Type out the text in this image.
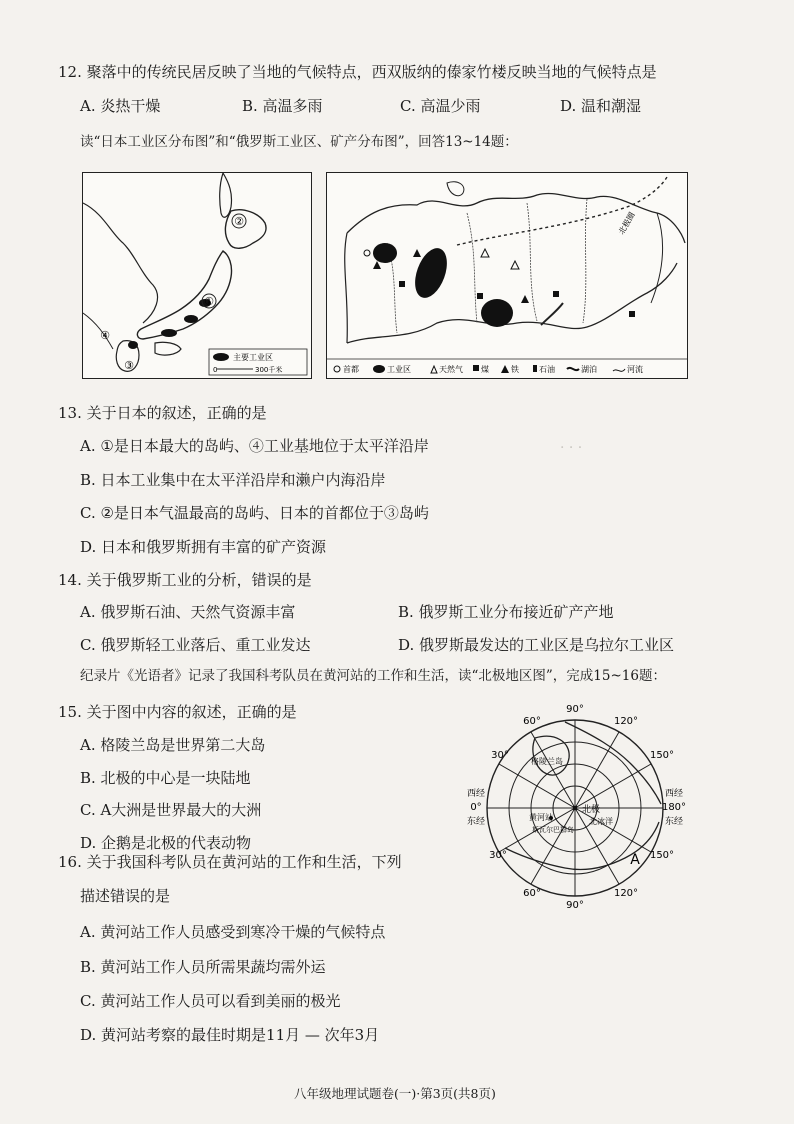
· · ·
12. 聚落中的传统民居反映了当地的气候特点，西双版纳的傣家竹楼反映当地的气候特点是
A. 炎热干燥	B. 高温多雨	C. 高温少雨	D. 温和潮湿
读“日本工业区分布图”和“俄罗斯工业区、矿产分布图”，回答13~14题：
②
①
④
③
主要工业区
0	300千米
北极圈
首都	工业区	天然气 煤	铁	石油	湖泊	河流
13. 关于日本的叙述，正确的是
A. ①是日本最大的岛屿、④工业基地位于太平洋沿岸
B. 日本工业集中在太平洋沿岸和濑户内海沿岸
C. ②是日本气温最高的岛屿、日本的首都位于③岛屿
D. 日本和俄罗斯拥有丰富的矿产资源
14. 关于俄罗斯工业的分析，错误的是
A. 俄罗斯石油、天然气资源丰富	B. 俄罗斯工业分布接近矿产产地
C. 俄罗斯轻工业落后、重工业发达	D. 俄罗斯最发达的工业区是乌拉尔工业区
纪录片《光语者》记录了我国科考队员在黄河站的工作和生活，读“北极地区图”，完成15~16题：
15. 关于图中内容的叙述，正确的是
A. 格陵兰岛是世界第二大岛
B. 北极的中心是一块陆地
C. A大洲是世界最大的大洲
D. 企鹅是北极的代表动物
16. 关于我国科考队员在黄河站的工作和生活，下列
描述错误的是
A. 黄河站工作人员感受到寒冷干燥的气候特点
B. 黄河站工作人员所需果蔬均需外运
C. 黄河站工作人员可以看到美丽的极光
D. 黄河站考察的最佳时期是11月 — 次年3月
格陵兰岛
北极
北冰洋
黄河站
斯瓦尔巴群岛
A
90°
60°	120°
30°	150°
西经
0°
东经
西经
180°
东经
30°	150°
60°	120°
90°
八年级地理试题卷(一)·第3页(共8页)
